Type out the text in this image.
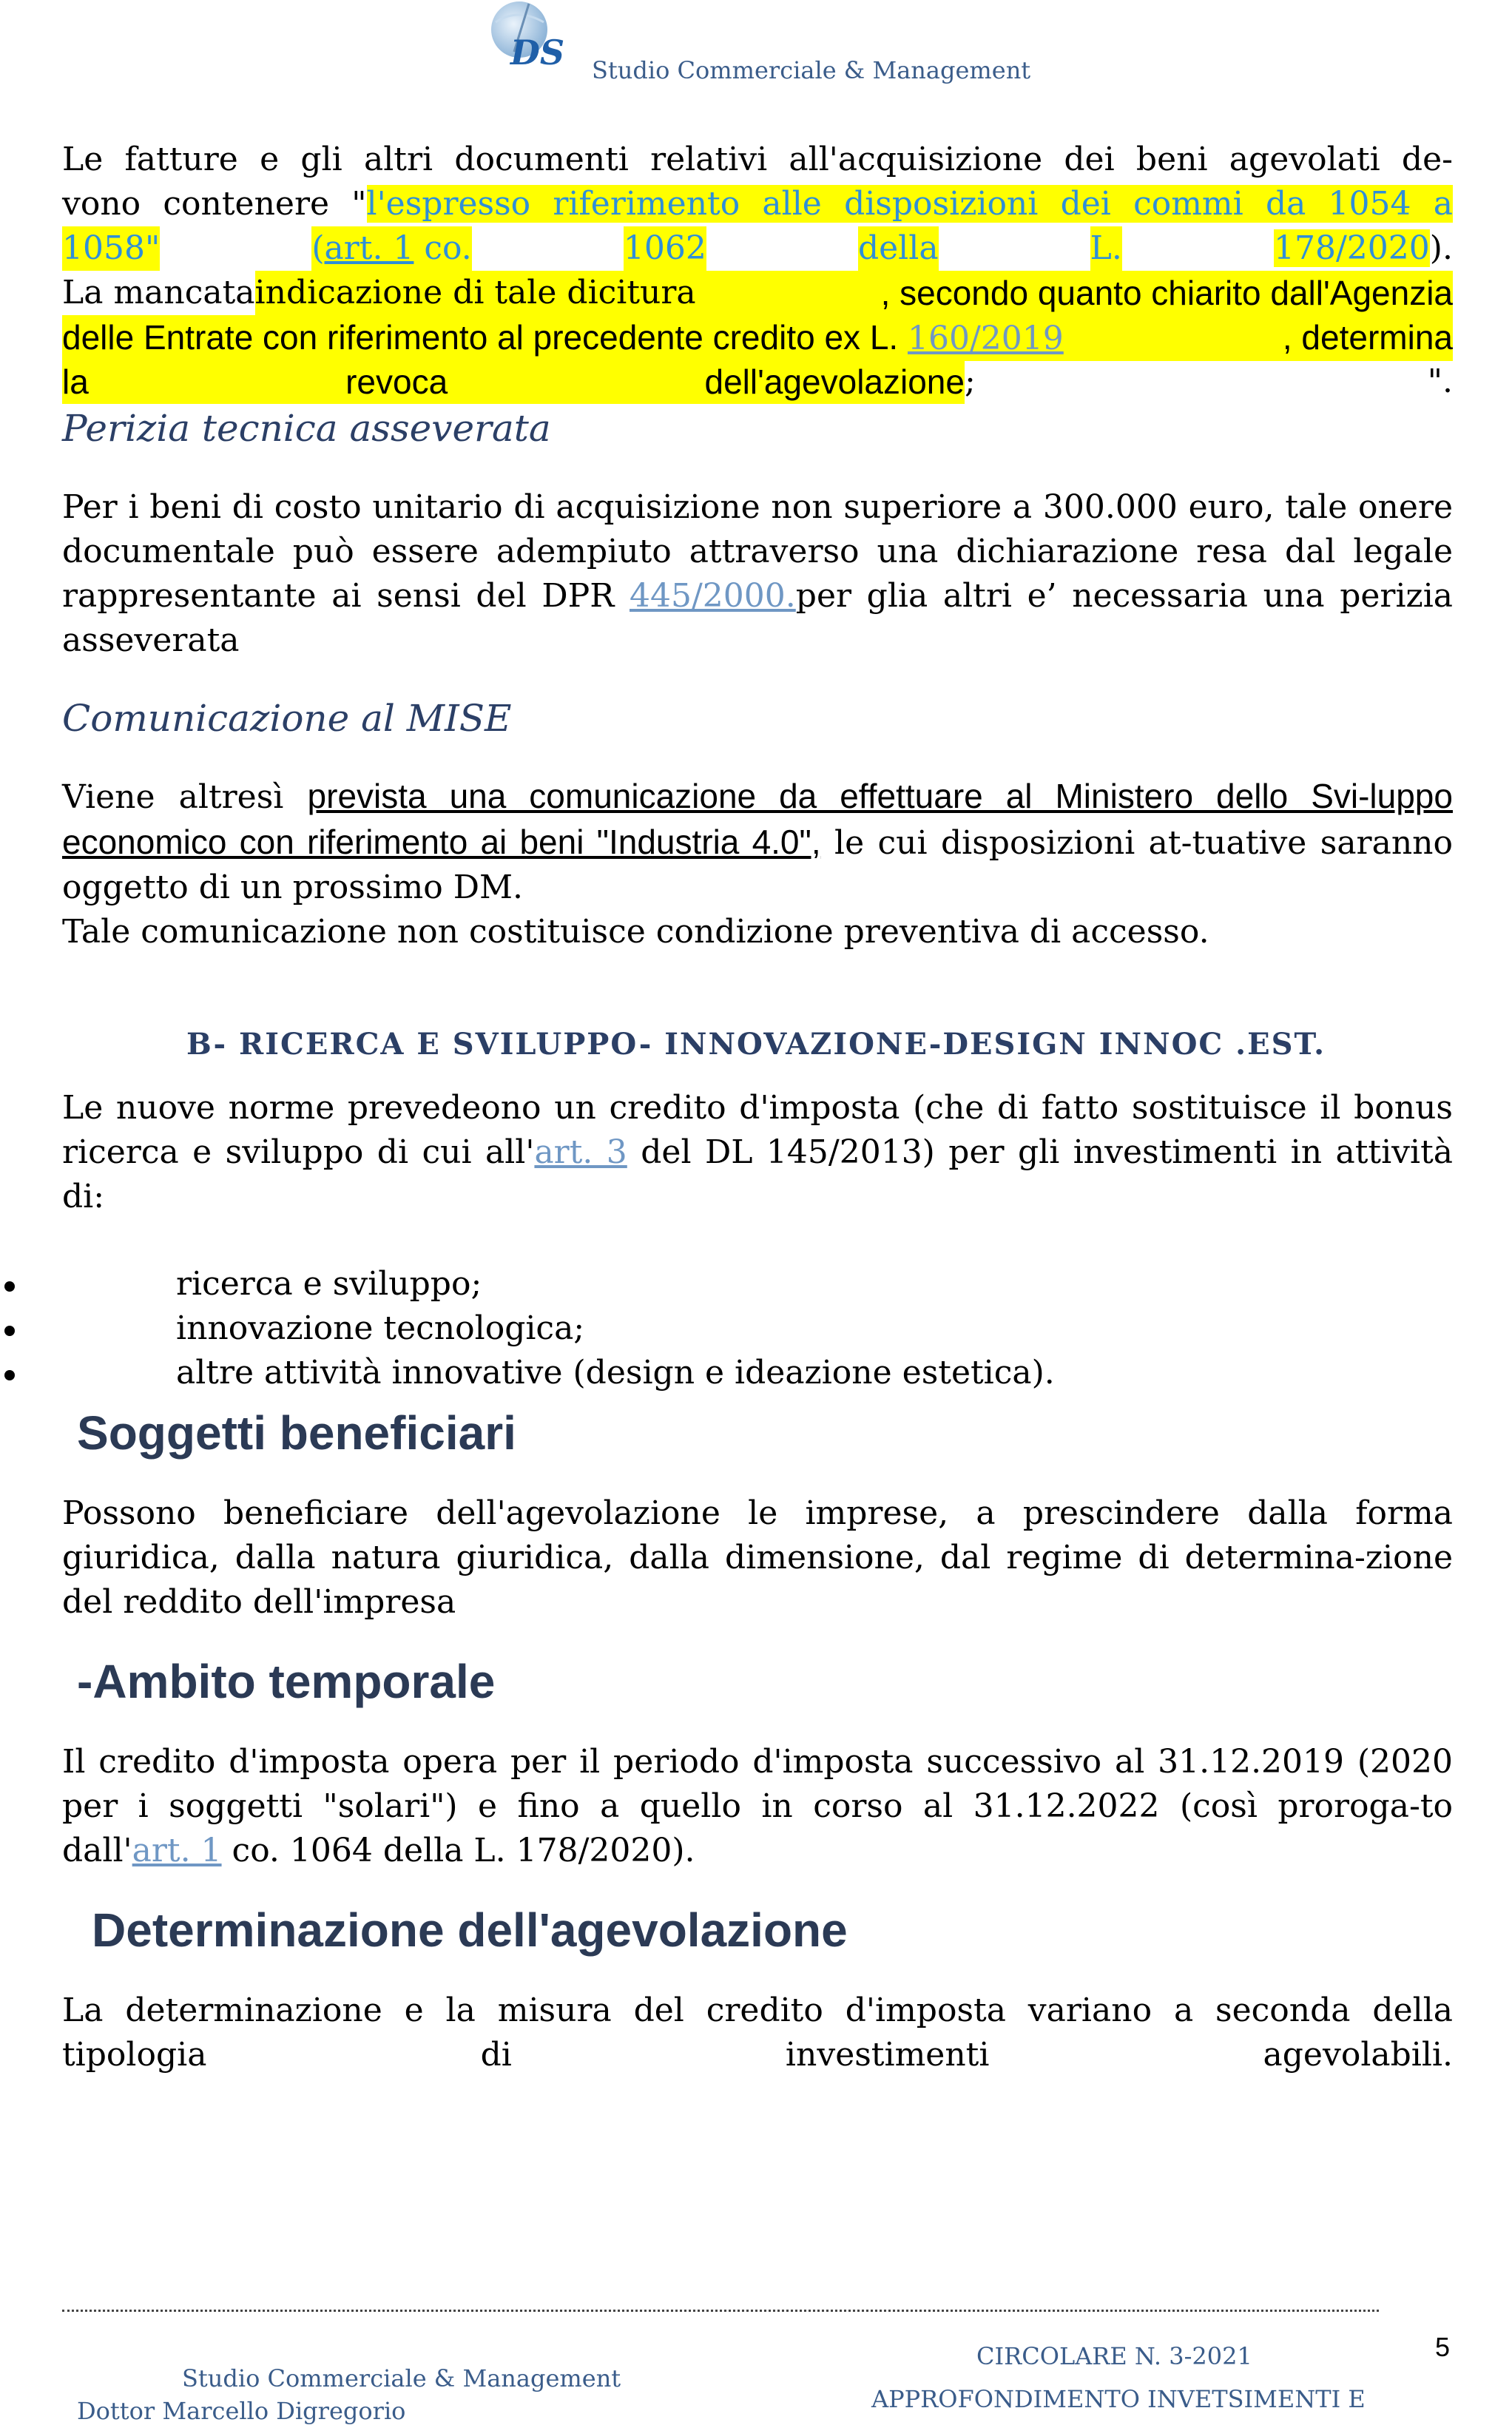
DS Studio Commerciale & Management
Le fatture e gli altri documenti relativi all'acquisizione dei beni agevolati de-
vono contenere "l'espresso riferimento alle disposizioni dei commi da 1054 a
1058"	(art. 1 co.	1062	della	L.	178/2020).
La mancata indicazione di tale dicitura	, secondo quanto chiarito dall'Agenzia
delle Entrate con riferimento al precedente credito ex L. 160/2019	, determina
la	revoca	dell'agevolazione ;	".
Perizia tecnica asseverata

Per i beni di costo unitario di acquisizione non superiore a 300.000 euro, tale onere documentale può essere adempiuto attraverso una dichiarazione resa dal legale rappresentante ai sensi del DPR 445/2000.per glia altri e’ necessaria una perizia asseverata

Comunicazione al MISE

Viene altresì prevista una comunicazione da effettuare al Ministero dello Svi-luppo economico con riferimento ai beni "Industria 4.0", le cui disposizioni at-tuative saranno oggetto di un prossimo DM.
Tale comunicazione non costituisce condizione preventiva di accesso.

B- RICERCA E SVILUPPO- INNOVAZIONE-DESIGN INNOC .EST.

Le nuove norme prevedeono un credito d'imposta (che di fatto sostituisce il bonus ricerca e sviluppo di cui all'art. 3 del DL 145/2013) per gli investimenti in attività di:

ricerca e sviluppo;
innovazione tecnologica;
altre attività innovative (design e ideazione estetica).
Soggetti beneficiari

Possono beneficiare dell'agevolazione le imprese, a prescindere dalla forma giuridica, dalla natura giuridica, dalla dimensione, dal regime di determina-zione del reddito dell'impresa

-Ambito temporale

Il credito d'imposta opera per il periodo d'imposta successivo al 31.12.2019 (2020 per i soggetti "solari") e fino a quello in corso al 31.12.2022 (così proroga-to dall'art. 1 co. 1064 della L. 178/2020).

Determinazione dell'agevolazione
La determinazione e la misura del credito d'imposta variano a seconda della
tipologia	di	investimenti	agevolabili.
5
Studio Commerciale & Management
Dottor Marcello Digregorio
CIRCOLARE N. 3-2021
APPROFONDIMENTO INVETSIMENTI E
